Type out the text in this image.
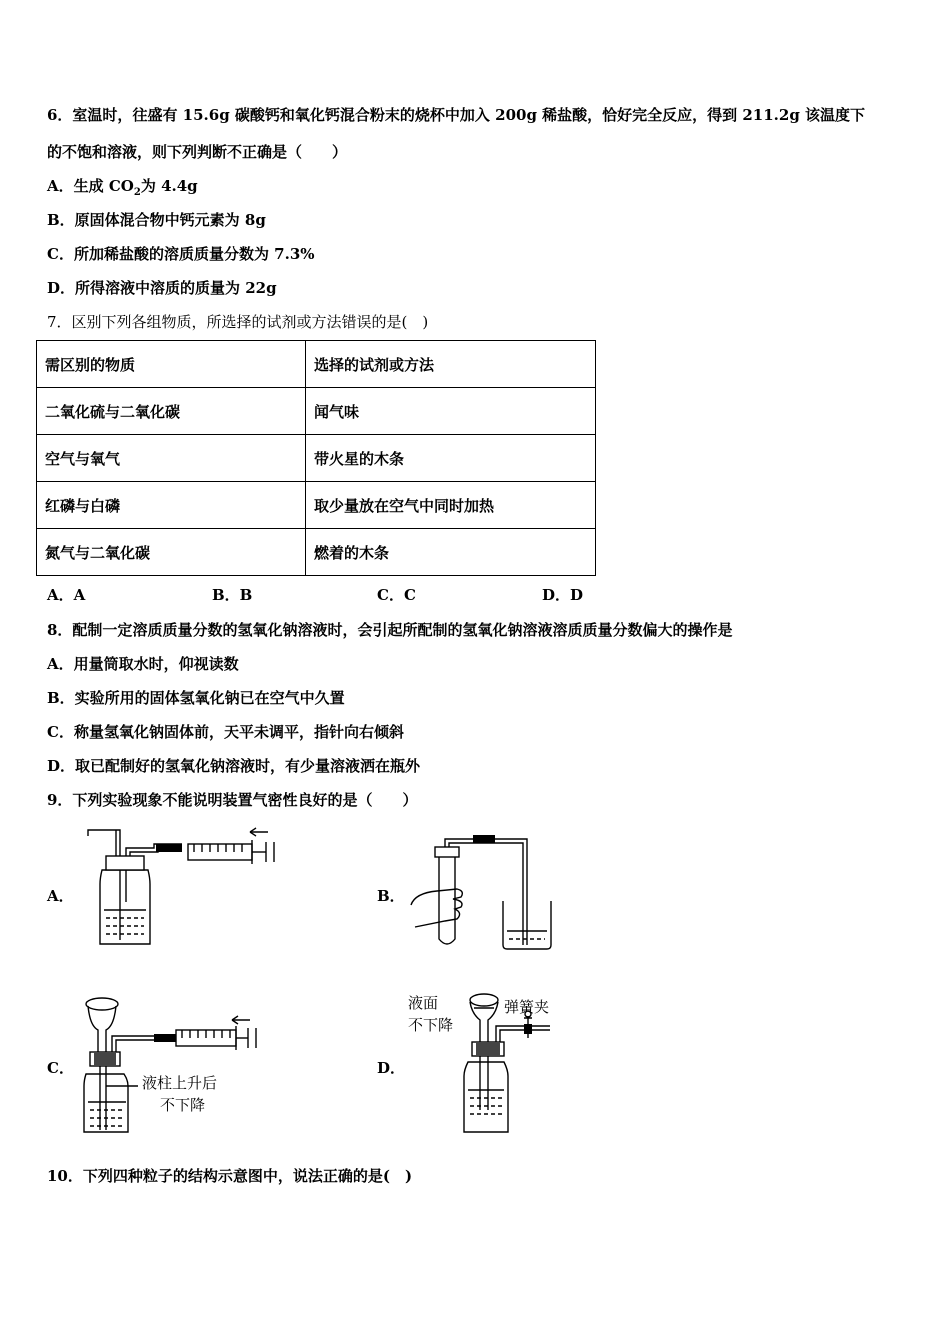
6．室温时，往盛有 15.6g 碳酸钙和氧化钙混合粉末的烧杯中加入 200g 稀盐酸，恰好完全反应，得到 211.2g 该温度下
的不饱和溶液，则下列判断不正确是（　　）
A．生成 $CO_2$为 4.4g
B．原固体混合物中钙元素为 8g
C．所加稀盐酸的溶质质量分数为 7.3%
D．所得溶液中溶质的质量为 22g
7．区别下列各组物质，所选择的试剂或方法错误的是(　)
需区别的物质	选择的试剂或方法
二氧化硫与二氧化碳	闻气味
空气与氧气	带火星的木条
红磷与白磷	取少量放在空气中同时加热
氮气与二氧化碳	燃着的木条
A．A	B．B	C．C	D．D
8．配制一定溶质质量分数的氢氧化钠溶液时，会引起所配制的氢氧化钠溶液溶质质量分数偏大的操作是
A．用量筒取水时，仰视读数
B．实验所用的固体氢氧化钠已在空气中久置
C．称量氢氧化钠固体前，天平未调平，指针向右倾斜
D．取已配制好的氢氧化钠溶液时，有少量溶液洒在瓶外
9．下列实验现象不能说明装置气密性良好的是（　　）
A．	B．
C．	D．
液柱上升后
不下降
液面
不下降
弹簧夹
10．下列四种粒子的结构示意图中，说法正确的是(　)
